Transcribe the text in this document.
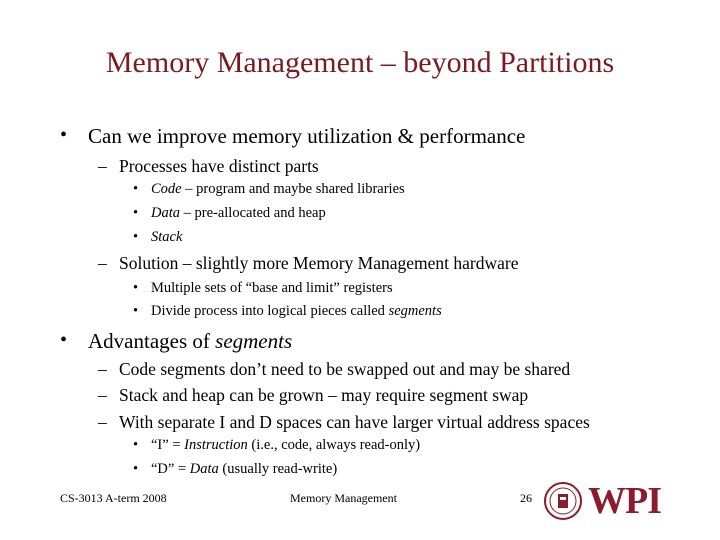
Memory Management – beyond Partitions
• Can we improve memory utilization & performance
– Processes have distinct parts
• Code – program and maybe shared libraries
• Data – pre-allocated and heap
• Stack
– Solution – slightly more Memory Management hardware
• Multiple sets of “base and limit” registers
• Divide process into logical pieces called segments
• Advantages of segments
– Code segments don’t need to be swapped out and may be shared
– Stack and heap can be grown – may require segment swap
– With separate I and D spaces can have larger virtual address spaces
• “I” = Instruction (i.e., code, always read-only)
• “D” = Data (usually read-write)
CS-3013 A-term 2008	Memory Management	26 WPI
